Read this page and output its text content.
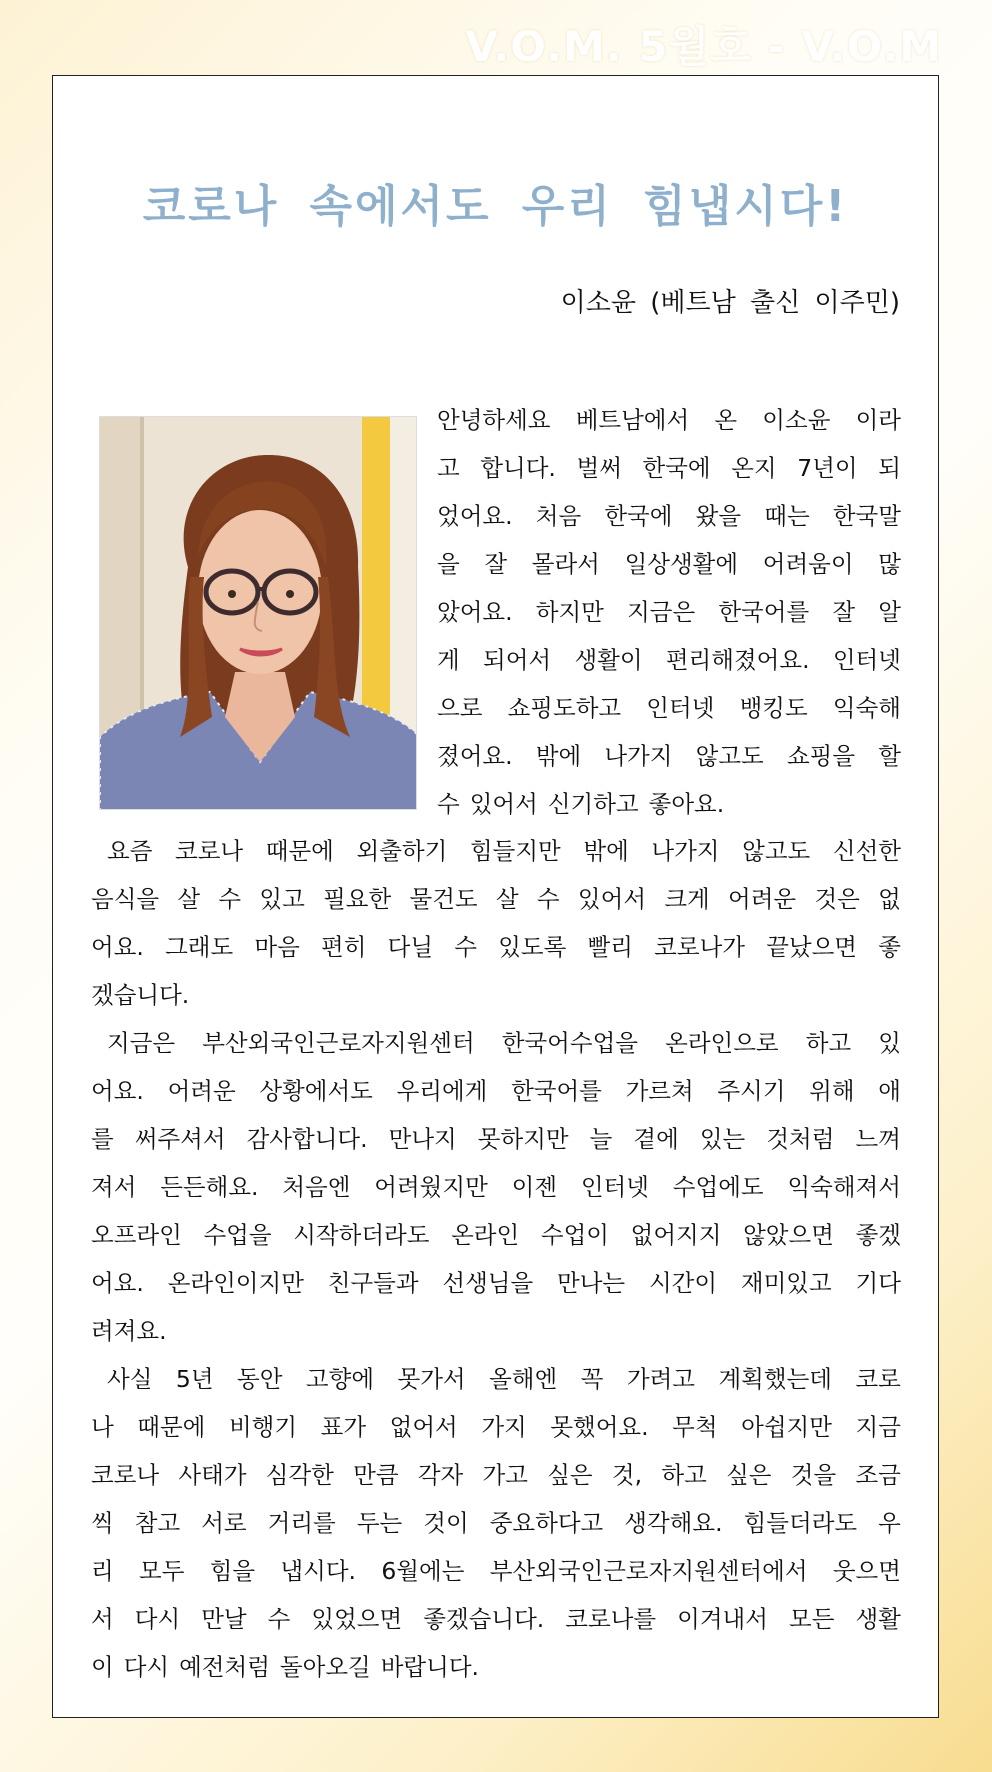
V.O.M. 5월호 - V.O.M
코로나 속에서도 우리 힘냅시다!
이소윤 (베트남 출신 이주민)
안녕하세요 베트남에서 온 이소윤 이라
고 합니다. 벌써 한국에 온지 7년이 되
었어요. 처음 한국에 왔을 때는 한국말
을 잘 몰라서 일상생활에 어려움이 많
았어요. 하지만 지금은 한국어를 잘 알
게 되어서 생활이 편리해졌어요. 인터넷
으로 쇼핑도하고 인터넷 뱅킹도 익숙해
졌어요. 밖에 나가지 않고도 쇼핑을 할
수 있어서 신기하고 좋아요.
요즘 코로나 때문에 외출하기 힘들지만 밖에 나가지 않고도 신선한
음식을 살 수 있고 필요한 물건도 살 수 있어서 크게 어려운 것은 없
어요. 그래도 마음 편히 다닐 수 있도록 빨리 코로나가 끝났으면 좋
겠습니다.
지금은 부산외국인근로자지원센터 한국어수업을 온라인으로 하고 있
어요. 어려운 상황에서도 우리에게 한국어를 가르쳐 주시기 위해 애
를 써주셔서 감사합니다. 만나지 못하지만 늘 곁에 있는 것처럼 느껴
져서 든든해요. 처음엔 어려웠지만 이젠 인터넷 수업에도 익숙해져서
오프라인 수업을 시작하더라도 온라인 수업이 없어지지 않았으면 좋겠
어요. 온라인이지만 친구들과 선생님을 만나는 시간이 재미있고 기다
려져요.
사실 5년 동안 고향에 못가서 올해엔 꼭 가려고 계획했는데 코로
나 때문에 비행기 표가 없어서 가지 못했어요. 무척 아쉽지만 지금
코로나 사태가 심각한 만큼 각자 가고 싶은 것, 하고 싶은 것을 조금
씩 참고 서로 거리를 두는 것이 중요하다고 생각해요. 힘들더라도 우
리 모두 힘을 냅시다. 6월에는 부산외국인근로자지원센터에서 웃으면
서 다시 만날 수 있었으면 좋겠습니다. 코로나를 이겨내서 모든 생활
이 다시 예전처럼 돌아오길 바랍니다.
